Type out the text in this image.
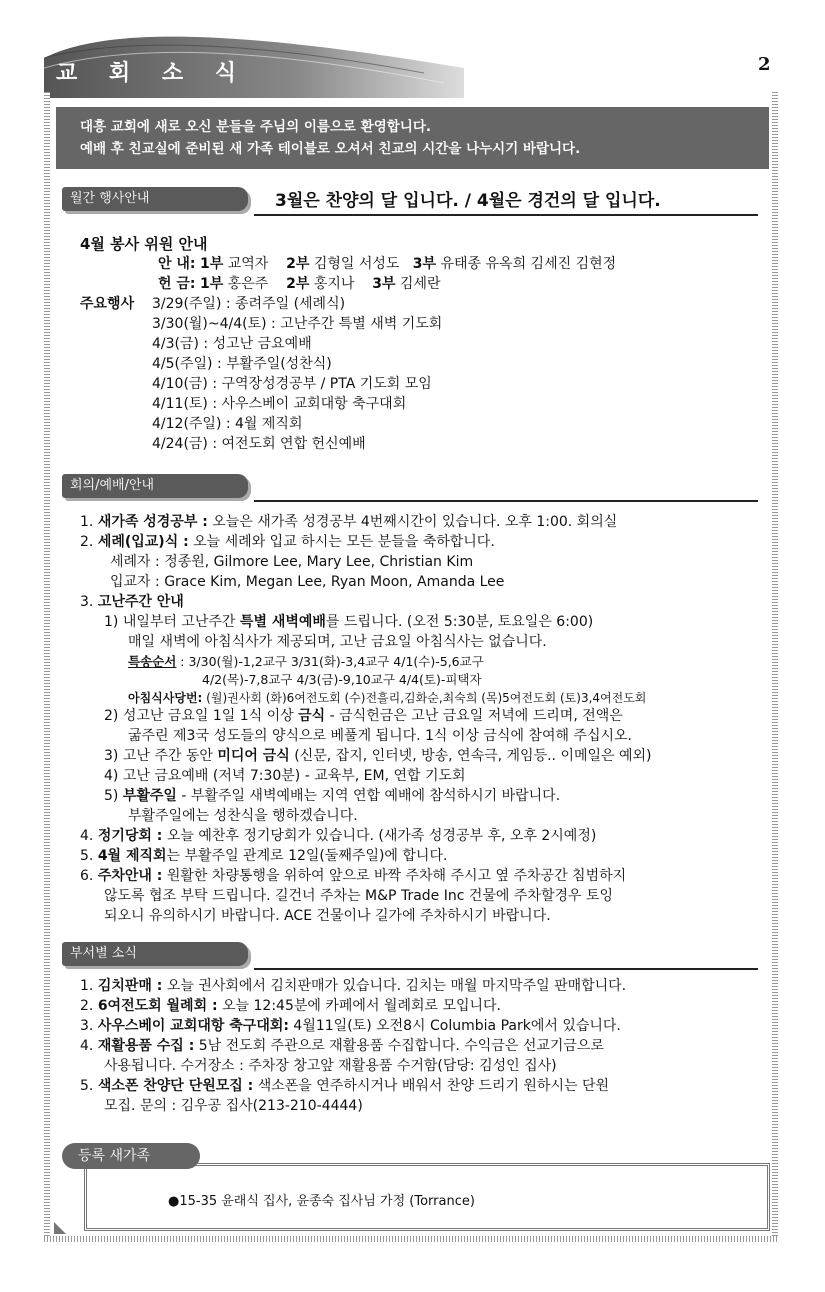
교 회 소 식	2
대흥 교회에 새로 오신 분들을 주님의 이름으로 환영합니다.
예배 후 친교실에 준비된 새 가족 테이블로 오셔서 친교의 시간을 나누시기 바랍니다.
월간 행사안내	3월은 찬양의 달 입니다. / 4월은 경건의 달 입니다.
4월 봉사 위원 안내
안 내: 1부 교역자 2부 김형일 서성도 3부 유태종 유옥희 김세진 김현정
헌 금: 1부 홍은주 2부 홍지나 3부 김세란
주요행사 3/29(주일) : 종려주일 (세례식)
3/30(월)~4/4(토) : 고난주간 특별 새벽 기도회
4/3(금) : 성고난 금요예배
4/5(주일) : 부활주일(성찬식)
4/10(금) : 구역장성경공부 / PTA 기도회 모임
4/11(토) : 사우스베이 교회대항 축구대회
4/12(주일) : 4월 제직회
4/24(금) : 여전도회 연합 헌신예배
회의/예배/안내
1. 새가족 성경공부 : 오늘은 새가족 성경공부 4번째시간이 있습니다. 오후 1:00. 회의실
2. 세례(입교)식 : 오늘 세례와 입교 하시는 모든 분들을 축하합니다.
세례자 : 정종원, Gilmore Lee, Mary Lee, Christian Kim
입교자 : Grace Kim, Megan Lee, Ryan Moon, Amanda Lee
3. 고난주간 안내
1) 내일부터 고난주간 특별 새벽예배를 드립니다. (오전 5:30분, 토요일은 6:00)
매일 새벽에 아침식사가 제공되며, 고난 금요일 아침식사는 없습니다.
특송순서 : 3/30(월)-1,2교구 3/31(화)-3,4교구 4/1(수)-5,6교구
4/2(목)-7,8교구 4/3(금)-9,10교구 4/4(토)-피택자
아침식사당번: (월)권사회 (화)6여전도회 (수)전흘리,김화순,최숙희 (목)5여전도회 (토)3,4여전도회
2) 성고난 금요일 1일 1식 이상 금식 - 금식헌금은 고난 금요일 저녁에 드리며, 전액은
굶주린 제3국 성도들의 양식으로 베풀게 됩니다. 1식 이상 금식에 참여해 주십시오.
3) 고난 주간 동안 미디어 금식 (신문, 잡지, 인터넷, 방송, 연속극, 게임등.. 이메일은 예외)
4) 고난 금요예배 (저녁 7:30분) - 교육부, EM, 연합 기도회
5) 부활주일 - 부활주일 새벽예배는 지역 연합 예배에 참석하시기 바랍니다.
부활주일에는 성찬식을 행하겠습니다.
4. 정기당회 : 오늘 예찬후 정기당회가 있습니다. (새가족 성경공부 후, 오후 2시예정)
5. 4월 제직회는 부활주일 관계로 12일(둘째주일)에 합니다.
6. 주차안내 : 원활한 차량통행을 위하여 앞으로 바짝 주차해 주시고 옆 주차공간 침범하지
않도록 협조 부탁 드립니다. 길건너 주차는 M&P Trade Inc 건물에 주차할경우 토잉
되오니 유의하시기 바랍니다. ACE 건물이나 길가에 주차하시기 바랍니다.
부서별 소식
1. 김치판매 : 오늘 권사회에서 김치판매가 있습니다. 김치는 매월 마지막주일 판매합니다.
2. 6여전도회 월례회 : 오늘 12:45분에 카페에서 월례회로 모입니다.
3. 사우스베이 교회대항 축구대회: 4월11일(토) 오전8시 Columbia Park에서 있습니다.
4. 재활용품 수집 : 5남 전도회 주관으로 재활용품 수집합니다. 수익금은 선교기금으로
사용됩니다. 수거장소 : 주차장 창고앞 재활용품 수거함(담당: 김성인 집사)
5. 색소폰 찬양단 단원모집 : 색소폰을 연주하시거나 배워서 찬양 드리기 원하시는 단원
모집. 문의 : 김우공 집사(213-210-4444)
등록 새가족
●15-35 윤래식 집사, 윤종숙 집사님 가정 (Torrance)
